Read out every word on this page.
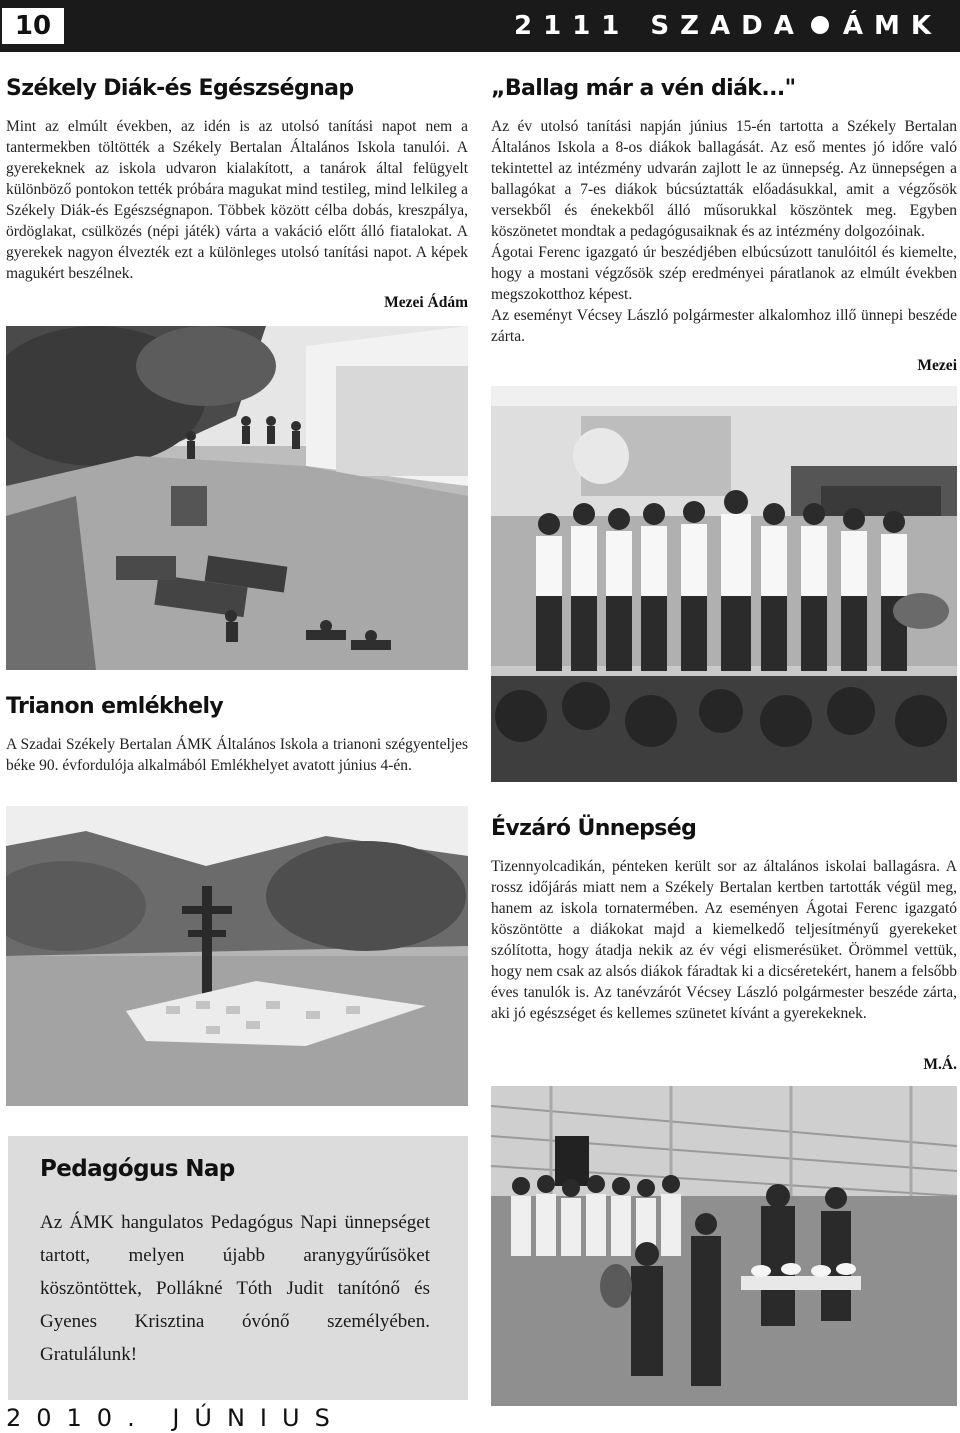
10	2111 SZADA ÁMK
Székely Diák-és Egészségnap

Mint az elmúlt években, az idén is az utolsó tanítási napot nem a tantermekben töltötték a Székely Bertalan Általános Iskola tanulói. A gyerekeknek az iskola udvaron kialakított, a tanárok által felügyelt különböző pontokon tették próbára magukat mind testileg, mind lelkileg a Székely Diák-és Egészségnapon. Többek között célba dobás, kreszpálya, ördöglakat, csülközés (népi játék) várta a vakáció előtt álló fiatalokat. A gyerekek nagyon élvezték ezt a különleges utolsó tanítási napot. A képek magukért beszélnek.

Mezei Ádám
„Ballag már a vén diák..."

Az év utolsó tanítási napján június 15-én tartotta a Székely Bertalan Általános Iskola a 8-os diákok ballagását. Az eső mentes jó időre való tekintettel az intézmény udvarán zajlott le az ünnepség. Az ünnepségen a ballagókat a 7-es diákok búcsúztatták előadásukkal, amit a végzősök versekből és énekekből álló műsorukkal köszöntek meg. Egyben köszönetet mondtak a pedagógusaiknak és az intézmény dolgozóinak.

Ágotai Ferenc igazgató úr beszédjében elbúcsúzott tanulóitól és kiemelte, hogy a mostani végzősök szép eredményei páratlanok az elmúlt években megszokotthoz képest.

Az eseményt Vécsey László polgármester alkalomhoz illő ünnepi beszéde zárta.

Mezei
Trianon emlékhely

A Szadai Székely Bertalan ÁMK Általános Iskola a trianoni szégyenteljes béke 90. évfordulója alkalmából Emlékhelyet avatott június 4-én.

Évzáró Ünnepség

Tizennyolcadikán, pénteken került sor az általános iskolai ballagásra. A rossz időjárás miatt nem a Székely Bertalan kertben tartották végül meg, hanem az iskola tornatermében. Az eseményen Ágotai Ferenc igazgató köszöntötte a diákokat majd a kiemelkedő teljesítményű gyerekeket szólította, hogy átadja nekik az év végi elismerésüket. Örömmel vettük, hogy nem csak az alsós diákok fáradtak ki a dicséretekért, hanem a felsőbb éves tanulók is. Az tanévzárót Vécsey László polgármester beszéde zárta, aki jó egészséget és kellemes szünetet kívánt a gyerekeknek.

M.Á.
Pedagógus Nap
Az ÁMK hangulatos Pedagógus Napi ünnepséget tartott, melyen újabb aranygyűrűsöket köszöntöttek, Pollákné Tóth Judit tanítónő és Gyenes Krisztina óvónő személyében. Gratulálunk!
2010. JÚNIUS
